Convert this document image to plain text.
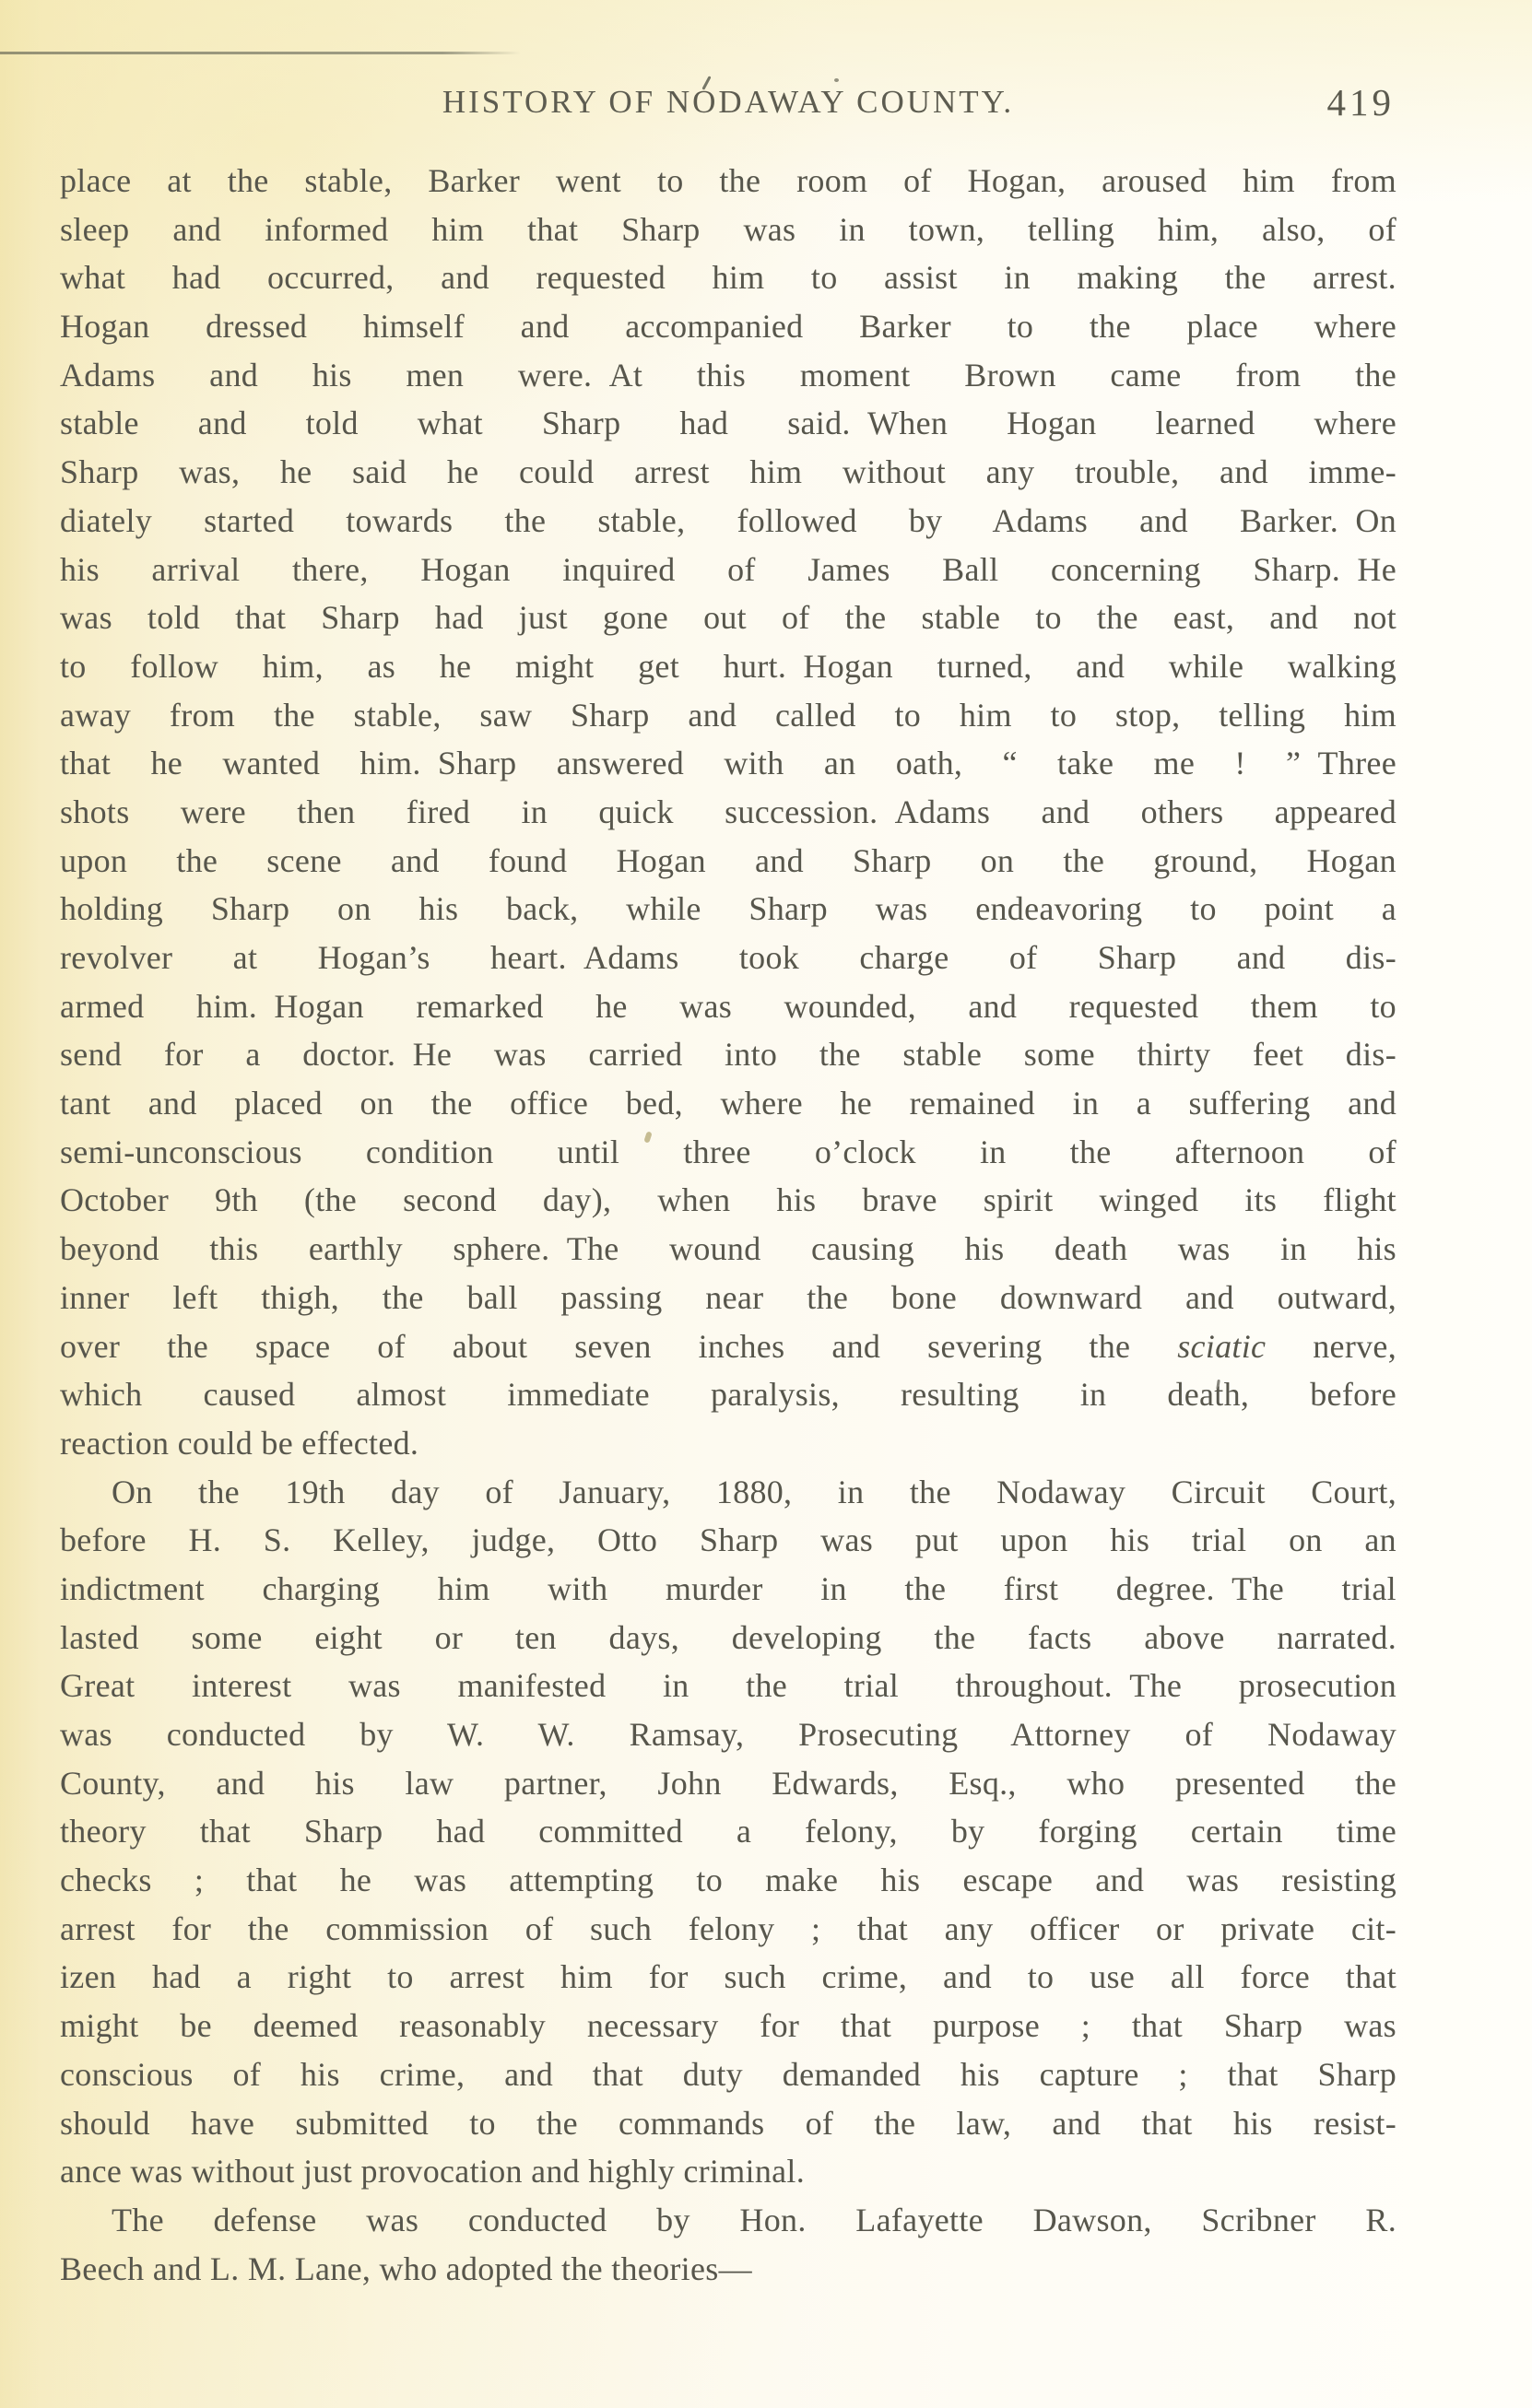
HISTORY OF NODAWAY COUNTY.	419
place at the stable, Barker went to the room of Hogan, aroused him from
sleep and informed him that Sharp was in town, telling him, also, of
what had occurred, and requested him to assist in making the arrest.
Hogan dressed himself and accompanied Barker to the place where
Adams and his men were. At this moment Brown came from the
stable and told what Sharp had said. When Hogan learned where
Sharp was, he said he could arrest him without any trouble, and imme-
diately started towards the stable, followed by Adams and Barker. On
his arrival there, Hogan inquired of James Ball concerning Sharp. He
was told that Sharp had just gone out of the stable to the east, and not
to follow him, as he might get hurt. Hogan turned, and while walking
away from the stable, saw Sharp and called to him to stop, telling him
that he wanted him. Sharp answered with an oath, “ take me ! ” Three
shots were then fired in quick succession. Adams and others appeared
upon the scene and found Hogan and Sharp on the ground, Hogan
holding Sharp on his back, while Sharp was endeavoring to point a
revolver at Hogan’s heart. Adams took charge of Sharp and dis-
armed him. Hogan remarked he was wounded, and requested them to
send for a doctor. He was carried into the stable some thirty feet dis-
tant and placed on the office bed, where he remained in a suffering and
semi-unconscious condition until three o’clock in the afternoon of
October 9th (the second day), when his brave spirit winged its flight
beyond this earthly sphere. The wound causing his death was in his
inner left thigh, the ball passing near the bone downward and outward,
over the space of about seven inches and severing the sciatic nerve,
which caused almost immediate paralysis, resulting in death, before
reaction could be effected.
On the 19th day of January, 1880, in the Nodaway Circuit Court,
before H. S. Kelley, judge, Otto Sharp was put upon his trial on an
indictment charging him with murder in the first degree. The trial
lasted some eight or ten days, developing the facts above narrated.
Great interest was manifested in the trial throughout. The prosecution
was conducted by W. W. Ramsay, Prosecuting Attorney of Nodaway
County, and his law partner, John Edwards, Esq., who presented the
theory that Sharp had committed a felony, by forging certain time
checks ; that he was attempting to make his escape and was resisting
arrest for the commission of such felony ; that any officer or private cit-
izen had a right to arrest him for such crime, and to use all force that
might be deemed reasonably necessary for that purpose ; that Sharp was
conscious of his crime, and that duty demanded his capture ; that Sharp
should have submitted to the commands of the law, and that his resist-
ance was without just provocation and highly criminal.
The defense was conducted by Hon. Lafayette Dawson, Scribner R.
Beech and L. M. Lane, who adopted the theories—
